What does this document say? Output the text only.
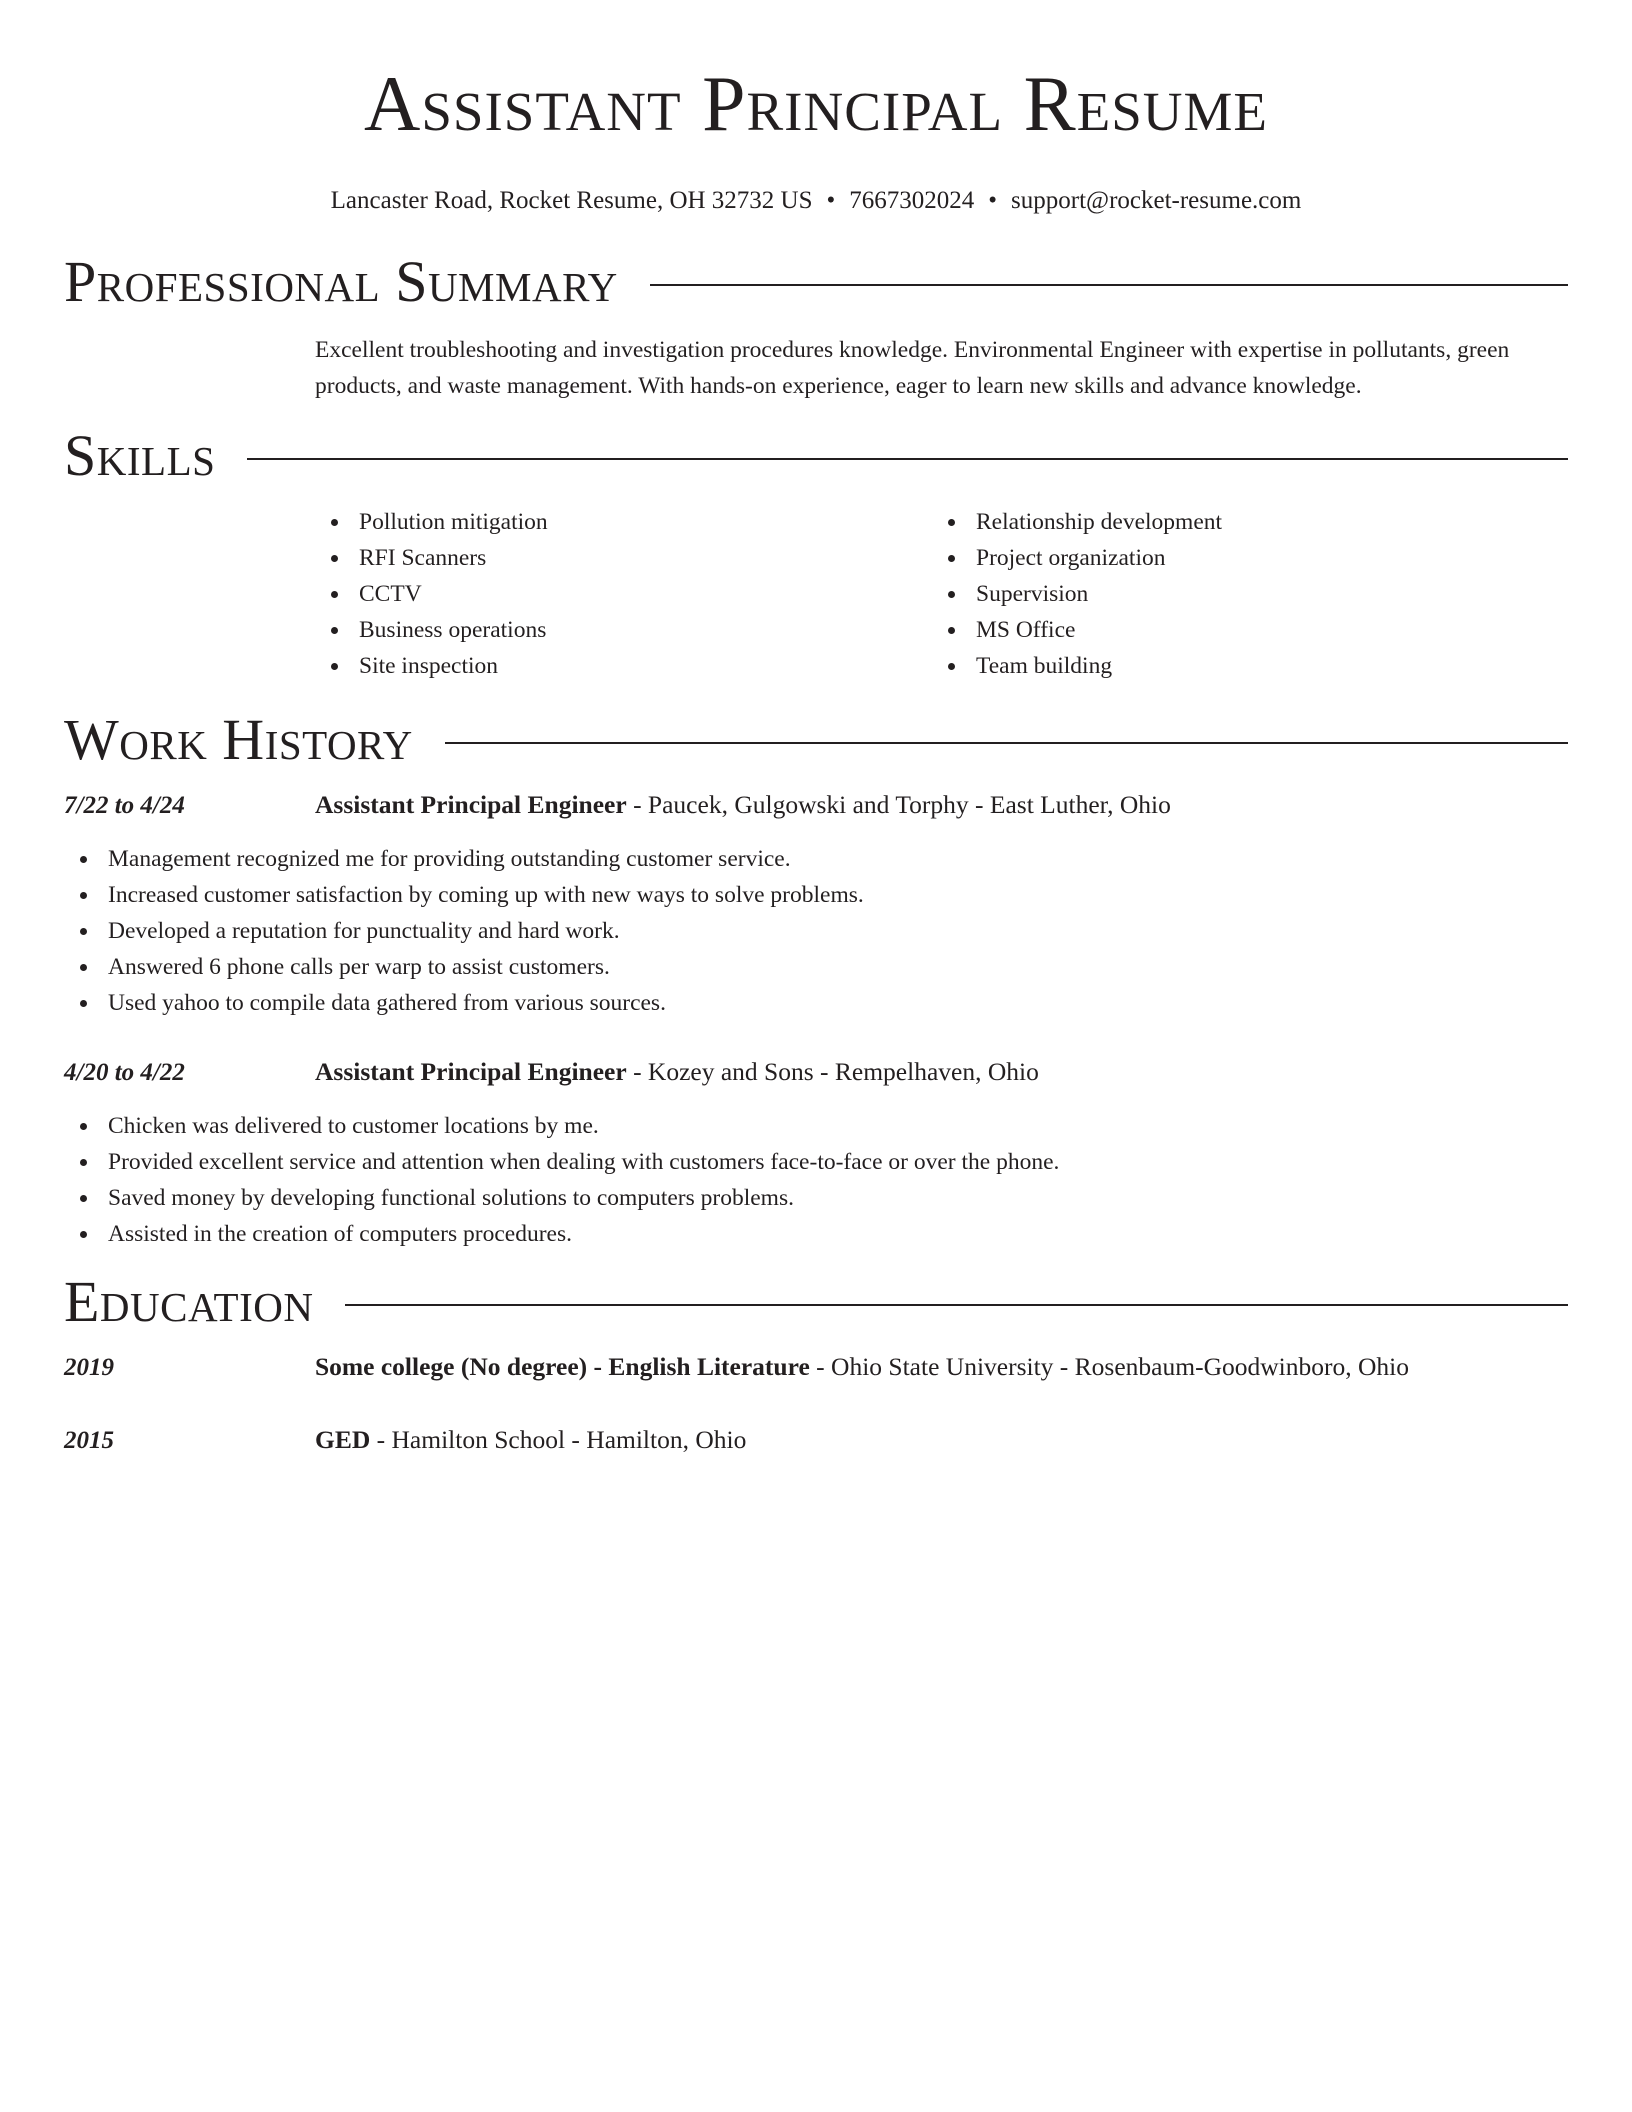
Assistant Principal Resume
Lancaster Road, Rocket Resume, OH 32732 US • 7667302024 • support@rocket-resume.com
Professional Summary
Excellent troubleshooting and investigation procedures knowledge. Environmental Engineer with expertise in pollutants, green products, and waste management. With hands-on experience, eager to learn new skills and advance knowledge.
Skills
Pollution mitigation
RFI Scanners
CCTV
Business operations
Site inspection
Relationship development
Project organization
Supervision
MS Office
Team building
Work History
7/22 to 4/24	Assistant Principal Engineer - Paucek, Gulgowski and Torphy - East Luther, Ohio
Management recognized me for providing outstanding customer service.
Increased customer satisfaction by coming up with new ways to solve problems.
Developed a reputation for punctuality and hard work.
Answered 6 phone calls per warp to assist customers.
Used yahoo to compile data gathered from various sources.
4/20 to 4/22	Assistant Principal Engineer - Kozey and Sons - Rempelhaven, Ohio
Chicken was delivered to customer locations by me.
Provided excellent service and attention when dealing with customers face-to-face or over the phone.
Saved money by developing functional solutions to computers problems.
Assisted in the creation of computers procedures.
Education
2019	Some college (No degree) - English Literature - Ohio State University - Rosenbaum-Goodwinboro, Ohio
2015	GED - Hamilton School - Hamilton, Ohio
